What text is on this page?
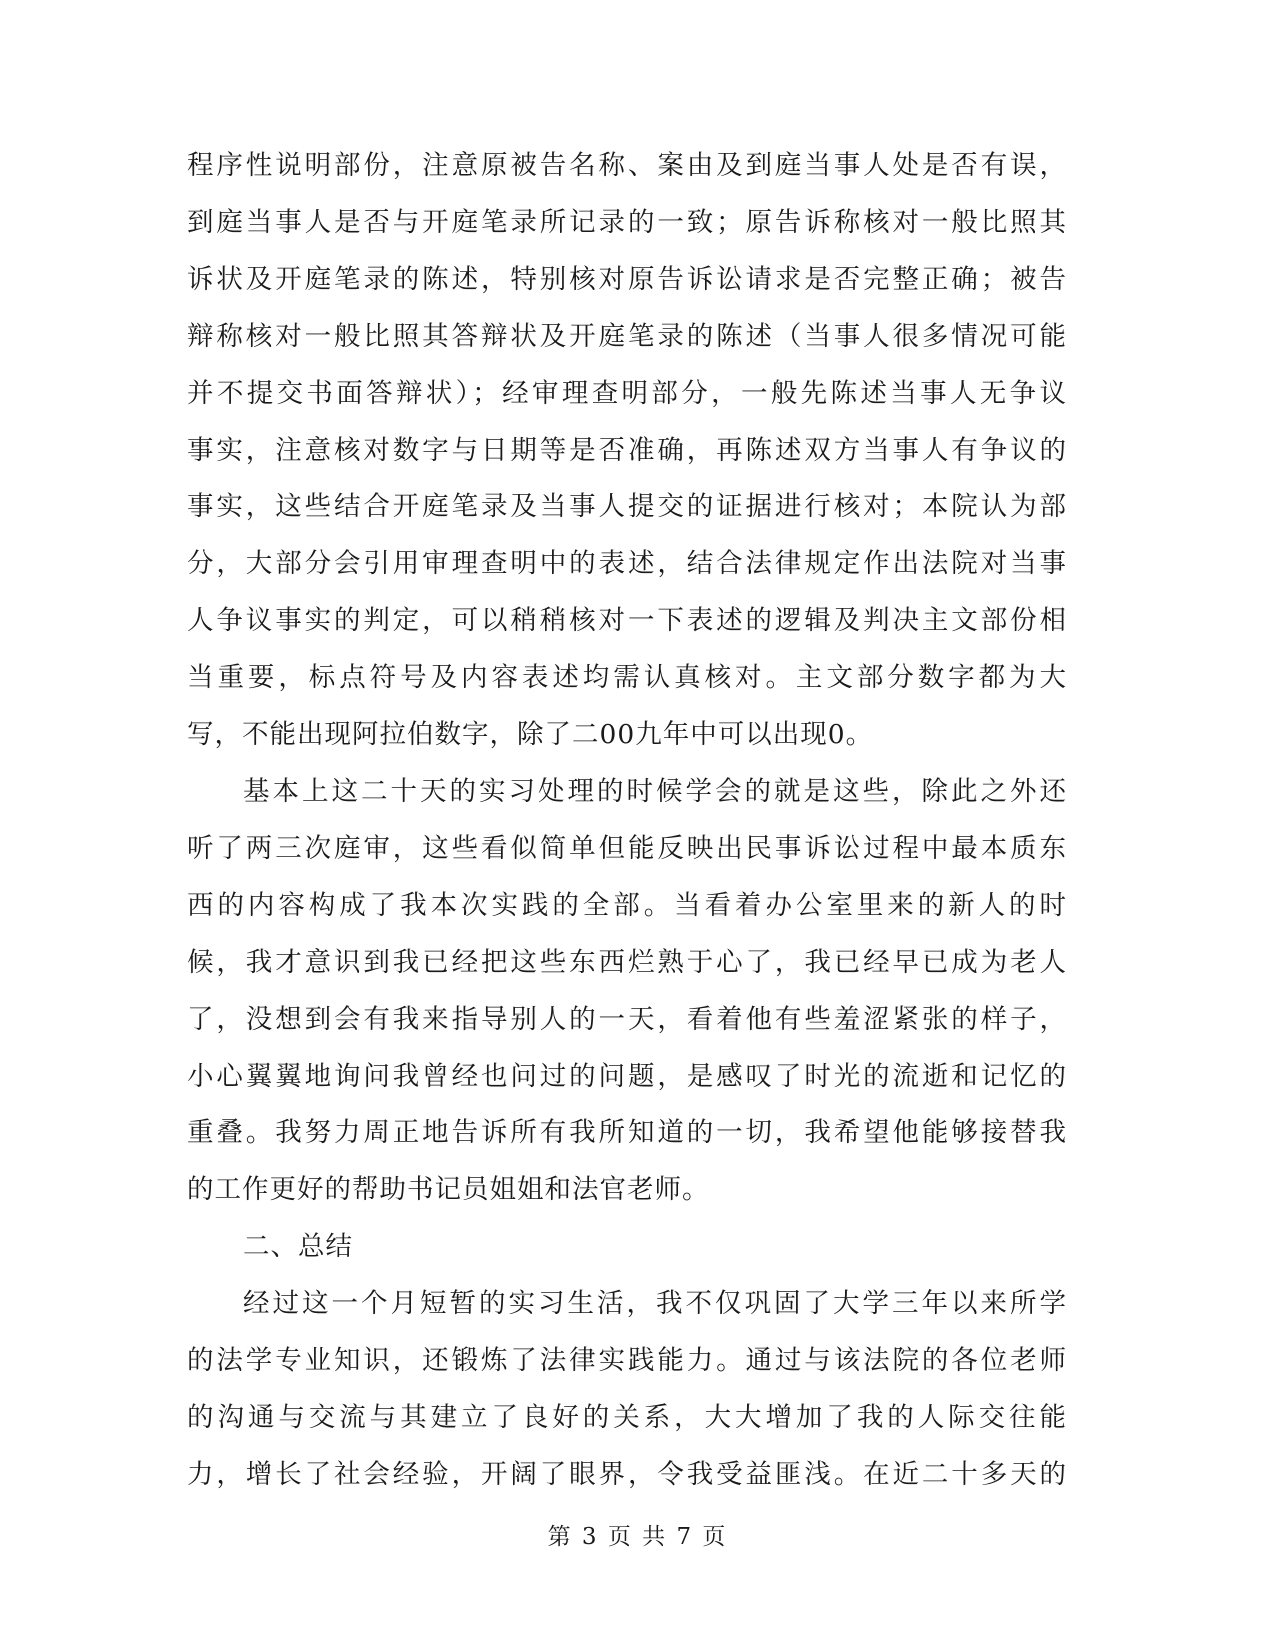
程序性说明部份，注意原被告名称、案由及到庭当事人处是否有误，
到庭当事人是否与开庭笔录所记录的一致；原告诉称核对一般比照其
诉状及开庭笔录的陈述，特别核对原告诉讼请求是否完整正确；被告
辩称核对一般比照其答辩状及开庭笔录的陈述（当事人很多情况可能
并不提交书面答辩状）；经审理查明部分，一般先陈述当事人无争议
事实，注意核对数字与日期等是否准确，再陈述双方当事人有争议的
事实，这些结合开庭笔录及当事人提交的证据进行核对；本院认为部
分，大部分会引用审理查明中的表述，结合法律规定作出法院对当事
人争议事实的判定，可以稍稍核对一下表述的逻辑及判决主文部份相
当重要，标点符号及内容表述均需认真核对。主文部分数字都为大
写，不能出现阿拉伯数字，除了二00九年中可以出现0。

基本上这二十天的实习处理的时候学会的就是这些，除此之外还
听了两三次庭审，这些看似简单但能反映出民事诉讼过程中最本质东
西的内容构成了我本次实践的全部。当看着办公室里来的新人的时
候，我才意识到我已经把这些东西烂熟于心了，我已经早已成为老人
了，没想到会有我来指导别人的一天，看着他有些羞涩紧张的样子，
小心翼翼地询问我曾经也问过的问题，是感叹了时光的流逝和记忆的
重叠。我努力周正地告诉所有我所知道的一切，我希望他能够接替我
的工作更好的帮助书记员姐姐和法官老师。

二、总结

经过这一个月短暂的实习生活，我不仅巩固了大学三年以来所学
的法学专业知识，还锻炼了法律实践能力。通过与该法院的各位老师
的沟通与交流与其建立了良好的关系，大大增加了我的人际交往能
力，增长了社会经验，开阔了眼界，令我受益匪浅。在近二十多天的

第 3 页 共 7 页
